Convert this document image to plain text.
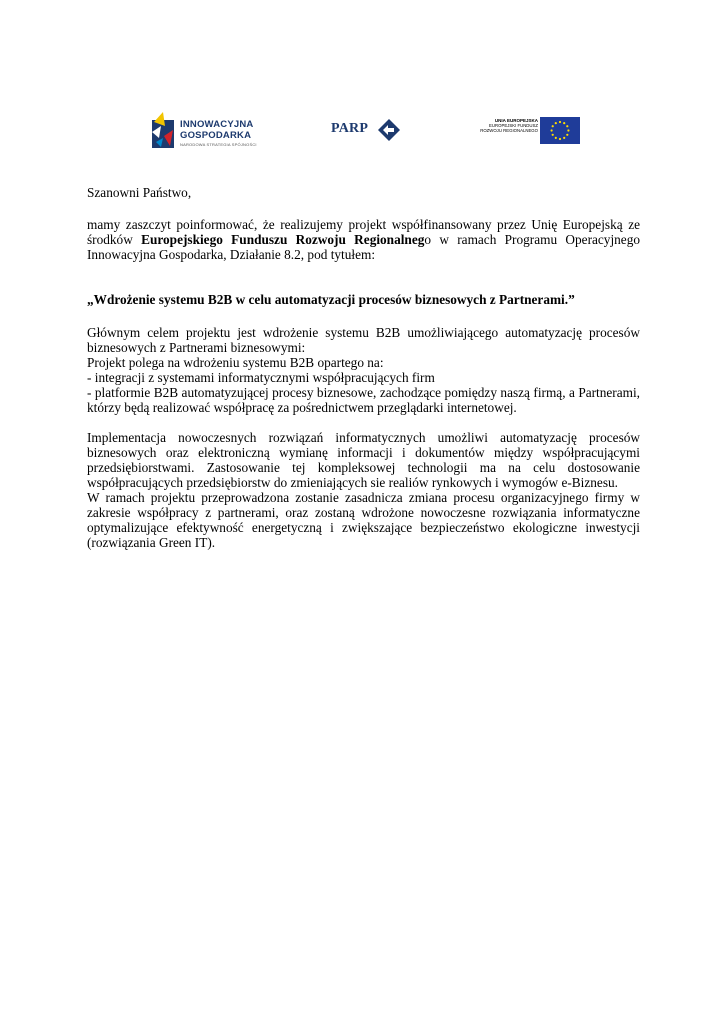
INNOWACYJNA
GOSPODARKA
NARODOWA STRATEGIA SPÓJNOŚCI
PARP
UNIA EUROPEJSKA
EUROPEJSKI FUNDUSZ
ROZWOJU REGIONALNEGO

Szanowni Państwo,

mamy zaszczyt poinformować, że realizujemy projekt współfinansowany przez Unię Europejską ze środków Europejskiego Funduszu Rozwoju Regionalnego w ramach Programu Operacyjnego Innowacyjna Gospodarka, Działanie 8.2, pod tytułem:

„Wdrożenie systemu B2B w celu automatyzacji procesów biznesowych z Partnerami.”

Głównym celem projektu jest wdrożenie systemu B2B umożliwiającego automatyzację procesów biznesowych z Partnerami biznesowymi:

Projekt polega na wdrożeniu systemu B2B opartego na:

- integracji z systemami informatycznymi współpracujących firm

- platformie B2B automatyzującej procesy biznesowe, zachodzące pomiędzy naszą firmą, a Partnerami, którzy będą realizować współpracę za pośrednictwem przeglądarki internetowej.

Implementacja nowoczesnych rozwiązań informatycznych umożliwi automatyzację procesów biznesowych oraz elektroniczną wymianę informacji i dokumentów między współpracującymi przedsiębiorstwami. Zastosowanie tej kompleksowej technologii ma na celu dostosowanie współpracujących przedsiębiorstw do zmieniających sie realiów rynkowych i wymogów e-Biznesu.

W ramach projektu przeprowadzona zostanie zasadnicza zmiana procesu organizacyjnego firmy w zakresie współpracy z partnerami, oraz zostaną wdrożone nowoczesne rozwiązania informatyczne optymalizujące efektywność energetyczną i zwiększające bezpieczeństwo ekologiczne inwestycji (rozwiązania Green IT).
